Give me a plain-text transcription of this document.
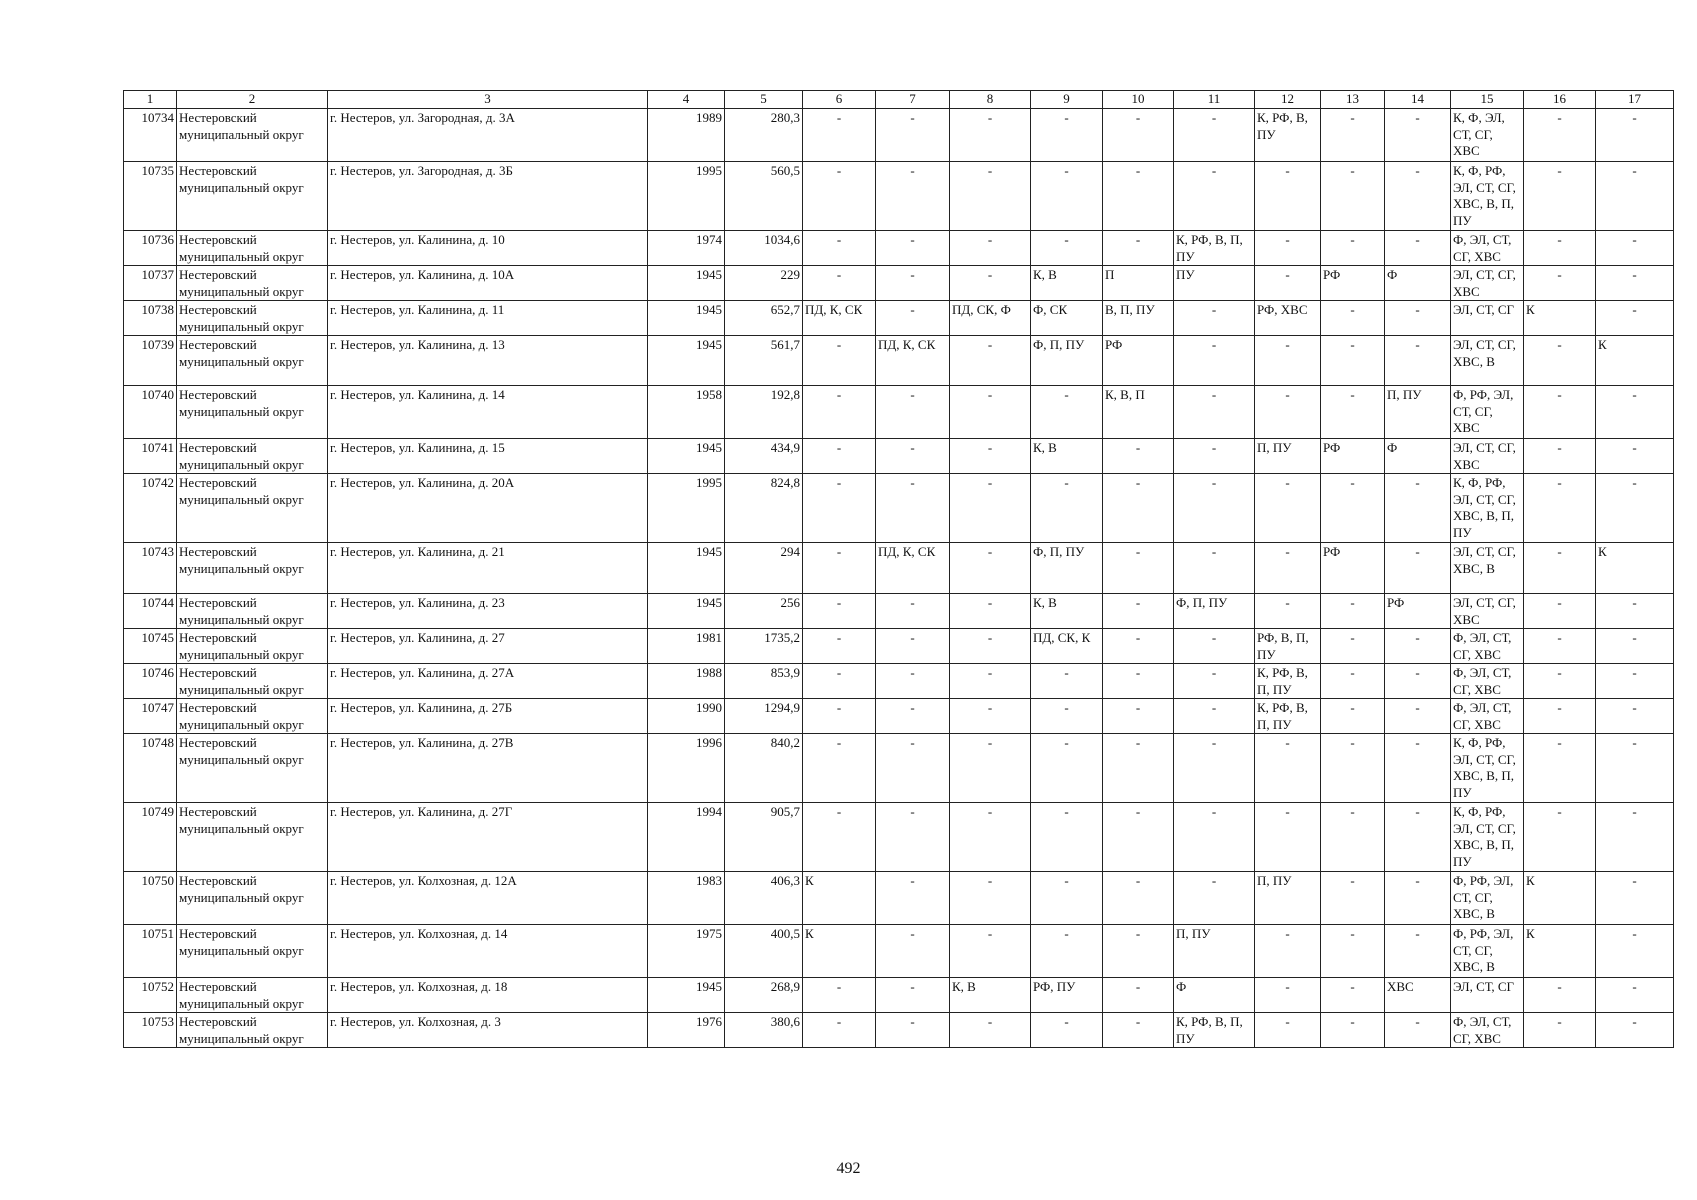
1	2	3	4	5	6	7	8	9	10	11	12	13	14	15	16	17
10734	Нестеровский муниципальный округ	г. Нестеров, ул. Загородная, д. 3А	1989	280,3	-	-	-	-	-	-	К, РФ, В, ПУ	-	-	К, Ф, ЭЛ, СТ, СГ, ХВС	-	-
10735	Нестеровский муниципальный округ	г. Нестеров, ул. Загородная, д. 3Б	1995	560,5	-	-	-	-	-	-	-	-	-	К, Ф, РФ, ЭЛ, СТ, СГ, ХВС, В, П, ПУ	-	-
10736	Нестеровский муниципальный округ	г. Нестеров, ул. Калинина, д. 10	1974	1034,6	-	-	-	-	-	К, РФ, В, П, ПУ	-	-	-	Ф, ЭЛ, СТ, СГ, ХВС	-	-
10737	Нестеровский муниципальный округ	г. Нестеров, ул. Калинина, д. 10А	1945	229	-	-	-	К, В	П	ПУ	-	РФ	Ф	ЭЛ, СТ, СГ, ХВС	-	-
10738	Нестеровский муниципальный округ	г. Нестеров, ул. Калинина, д. 11	1945	652,7	ПД, К, СК	-	ПД, СК, Ф	Ф, СК	В, П, ПУ	-	РФ, ХВС	-	-	ЭЛ, СТ, СГ	К	-
10739	Нестеровский муниципальный округ	г. Нестеров, ул. Калинина, д. 13	1945	561,7	-	ПД, К, СК	-	Ф, П, ПУ	РФ	-	-	-	-	ЭЛ, СТ, СГ, ХВС, В	-	К
10740	Нестеровский муниципальный округ	г. Нестеров, ул. Калинина, д. 14	1958	192,8	-	-	-	-	К, В, П	-	-	-	П, ПУ	Ф, РФ, ЭЛ, СТ, СГ, ХВС	-	-
10741	Нестеровский муниципальный округ	г. Нестеров, ул. Калинина, д. 15	1945	434,9	-	-	-	К, В	-	-	П, ПУ	РФ	Ф	ЭЛ, СТ, СГ, ХВС	-	-
10742	Нестеровский муниципальный округ	г. Нестеров, ул. Калинина, д. 20А	1995	824,8	-	-	-	-	-	-	-	-	-	К, Ф, РФ, ЭЛ, СТ, СГ, ХВС, В, П, ПУ	-	-
10743	Нестеровский муниципальный округ	г. Нестеров, ул. Калинина, д. 21	1945	294	-	ПД, К, СК	-	Ф, П, ПУ	-	-	-	РФ	-	ЭЛ, СТ, СГ, ХВС, В	-	К
10744	Нестеровский муниципальный округ	г. Нестеров, ул. Калинина, д. 23	1945	256	-	-	-	К, В	-	Ф, П, ПУ	-	-	РФ	ЭЛ, СТ, СГ, ХВС	-	-
10745	Нестеровский муниципальный округ	г. Нестеров, ул. Калинина, д. 27	1981	1735,2	-	-	-	ПД, СК, К	-	-	РФ, В, П, ПУ	-	-	Ф, ЭЛ, СТ, СГ, ХВС	-	-
10746	Нестеровский муниципальный округ	г. Нестеров, ул. Калинина, д. 27А	1988	853,9	-	-	-	-	-	-	К, РФ, В, П, ПУ	-	-	Ф, ЭЛ, СТ, СГ, ХВС	-	-
10747	Нестеровский муниципальный округ	г. Нестеров, ул. Калинина, д. 27Б	1990	1294,9	-	-	-	-	-	-	К, РФ, В, П, ПУ	-	-	Ф, ЭЛ, СТ, СГ, ХВС	-	-
10748	Нестеровский муниципальный округ	г. Нестеров, ул. Калинина, д. 27В	1996	840,2	-	-	-	-	-	-	-	-	-	К, Ф, РФ, ЭЛ, СТ, СГ, ХВС, В, П, ПУ	-	-
10749	Нестеровский муниципальный округ	г. Нестеров, ул. Калинина, д. 27Г	1994	905,7	-	-	-	-	-	-	-	-	-	К, Ф, РФ, ЭЛ, СТ, СГ, ХВС, В, П, ПУ	-	-
10750	Нестеровский муниципальный округ	г. Нестеров, ул. Колхозная, д. 12А	1983	406,3	К	-	-	-	-	-	П, ПУ	-	-	Ф, РФ, ЭЛ, СТ, СГ, ХВС, В	К	-
10751	Нестеровский муниципальный округ	г. Нестеров, ул. Колхозная, д. 14	1975	400,5	К	-	-	-	-	П, ПУ	-	-	-	Ф, РФ, ЭЛ, СТ, СГ, ХВС, В	К	-
10752	Нестеровский муниципальный округ	г. Нестеров, ул. Колхозная, д. 18	1945	268,9	-	-	К, В	РФ, ПУ	-	Ф	-	-	ХВС	ЭЛ, СТ, СГ	-	-
10753	Нестеровский муниципальный округ	г. Нестеров, ул. Колхозная, д. 3	1976	380,6	-	-	-	-	-	К, РФ, В, П, ПУ	-	-	-	Ф, ЭЛ, СТ, СГ, ХВС	-	-
492
